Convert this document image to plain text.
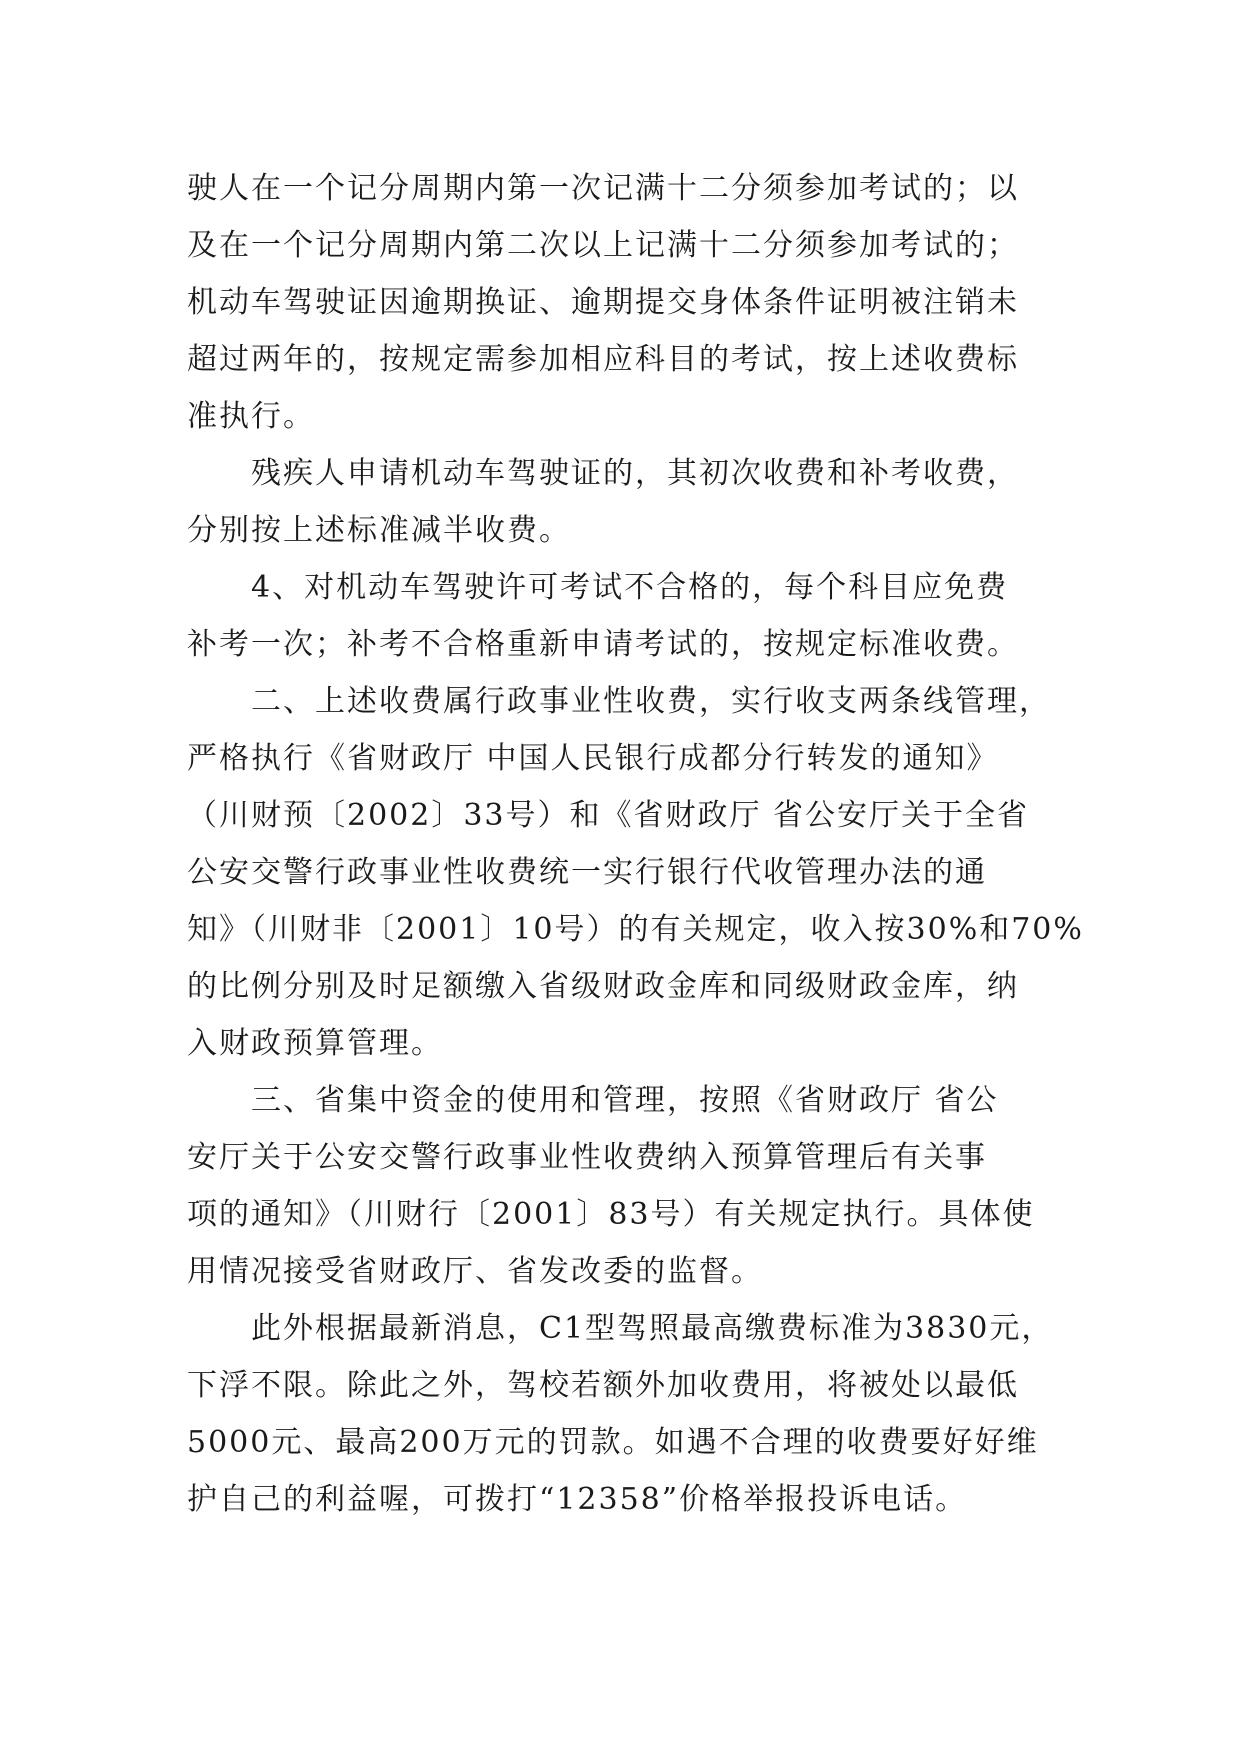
驶人在一个记分周期内第一次记满十二分须参加考试的；以
及在一个记分周期内第二次以上记满十二分须参加考试的；
机动车驾驶证因逾期换证、逾期提交身体条件证明被注销未
超过两年的，按规定需参加相应科目的考试，按上述收费标
准执行。
残疾人申请机动车驾驶证的，其初次收费和补考收费，
分别按上述标准减半收费。
4、对机动车驾驶许可考试不合格的，每个科目应免费
补考一次；补考不合格重新申请考试的，按规定标准收费。
二、上述收费属行政事业性收费，实行收支两条线管理，
严格执行《省财政厅 中国人民银行成都分行转发的通知》
（川财预〔2002〕33号）和《省财政厅 省公安厅关于全省
公安交警行政事业性收费统一实行银行代收管理办法的通
知》（川财非〔2001〕10号）的有关规定，收入按30%和70%
的比例分别及时足额缴入省级财政金库和同级财政金库，纳
入财政预算管理。
三、省集中资金的使用和管理，按照《省财政厅 省公
安厅关于公安交警行政事业性收费纳入预算管理后有关事
项的通知》（川财行〔2001〕83号）有关规定执行。具体使
用情况接受省财政厅、省发改委的监督。
此外根据最新消息，C1型驾照最高缴费标准为3830元，
下浮不限。除此之外，驾校若额外加收费用，将被处以最低
5000元、最高200万元的罚款。如遇不合理的收费要好好维
护自己的利益喔，可拨打“12358”价格举报投诉电话。
